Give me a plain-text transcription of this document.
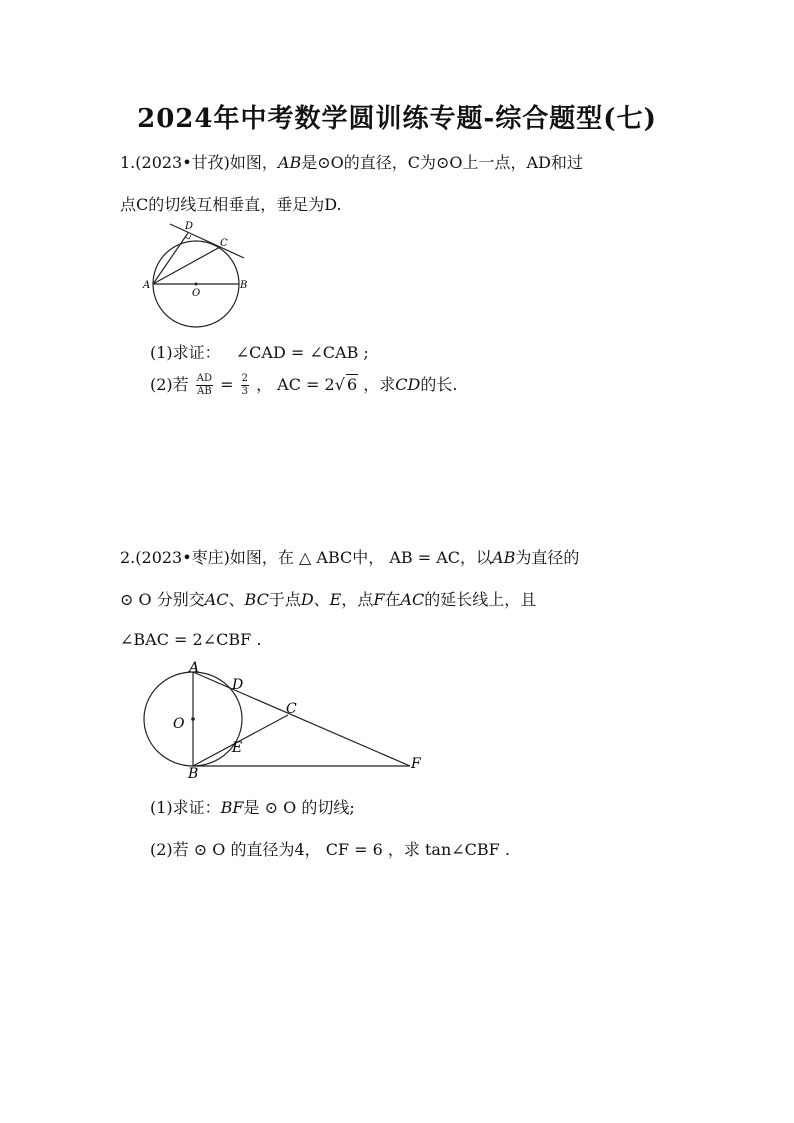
2024年中考数学圆训练专题-综合题型(七)
1.(2023•甘孜)如图，AB是⊙O的直径，C为⊙O上一点，AD和过
点C的切线互相垂直，垂足为D.
D
C
A
O
B
(1)求证： ∠CAD = ∠CAB ;
(2)若 $\frac{AD}{AB} = \frac{2}{3}$ ， AC = 2√ 6 ，求CD的长.
2.(2023•枣庄)如图，在 △ ABC中， AB = AC，以AB为直径的
⊙ O 分别交AC、BC于点D、E，点F在AC的延长线上，且
∠BAC = 2∠CBF .
A
D
C
O
E
B
F
(1)求证：BF是 ⊙ O 的切线;
(2)若 ⊙ O 的直径为4， CF = 6 ，求 tan∠CBF .
